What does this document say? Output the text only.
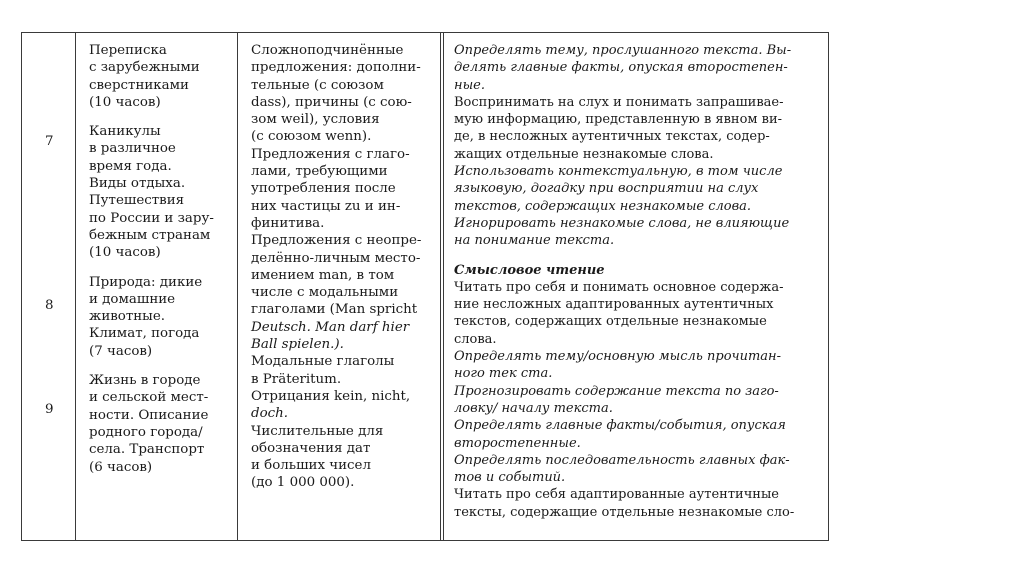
7
8
9

Переписка

с зарубежными

сверстниками

(10 часов)

Каникулы

в различное

время года.

Виды отдыха.

Путешествия

по России и зару-

бежным странам

(10 часов)

Природа: дикие

и домашние

животные.

Климат, погода

(7 часов)

Жизнь в городе

и сельской мест-

ности. Описание

родного города/

села. Транспорт

(6 часов)

Сложноподчинённые

предложения: дополни-

тельные (с союзом

dass), причины (с сою-

зом weil), условия

(с союзом wenn).

Предложения с глаго-

лами, требующими

употребления после

них частицы zu и ин-

финитива.

Предложения с неопре-

делённо-личным место-

имением man, в том

числе с модальными

глаголами (Man spricht

Deutsch. Man darf hier

Ball spielen.).

Модальные глаголы

в Präteritum.

Отрицания kein, nicht,

doch.

Числительные для

обозначения дат

и больших чисел

(до 1 000 000).

Определять тему, прослушанного текста. Вы-

делять главные факты, опуская второстепен-

ные.

Воспринимать на слух и понимать запрашивае-

мую информацию, представленную в явном ви-

де, в несложных аутентичных текстах, содер-

жащих отдельные незнакомые слова.

Использовать контекстуальную, в том числе

языковую, догадку при восприятии на слух

текстов, содержащих незнакомые слова.

Игнорировать незнакомые слова, не влияющие

на понимание текста.

Смысловое чтение

Читать про себя и понимать основное содержа-

ние несложных адаптированных аутентичных

текстов, содержащих отдельные незнакомые

слова.

Определять тему/основную мысль прочитан-

ного тек ста.

Прогнозировать содержание текста по заго-

ловку/ началу текста.

Определять главные факты/события, опуская

второстепенные.

Определять последовательность главных фак-

тов и событий.

Читать про себя адаптированные аутентичные

тексты, содержащие отдельные незнакомые сло-
